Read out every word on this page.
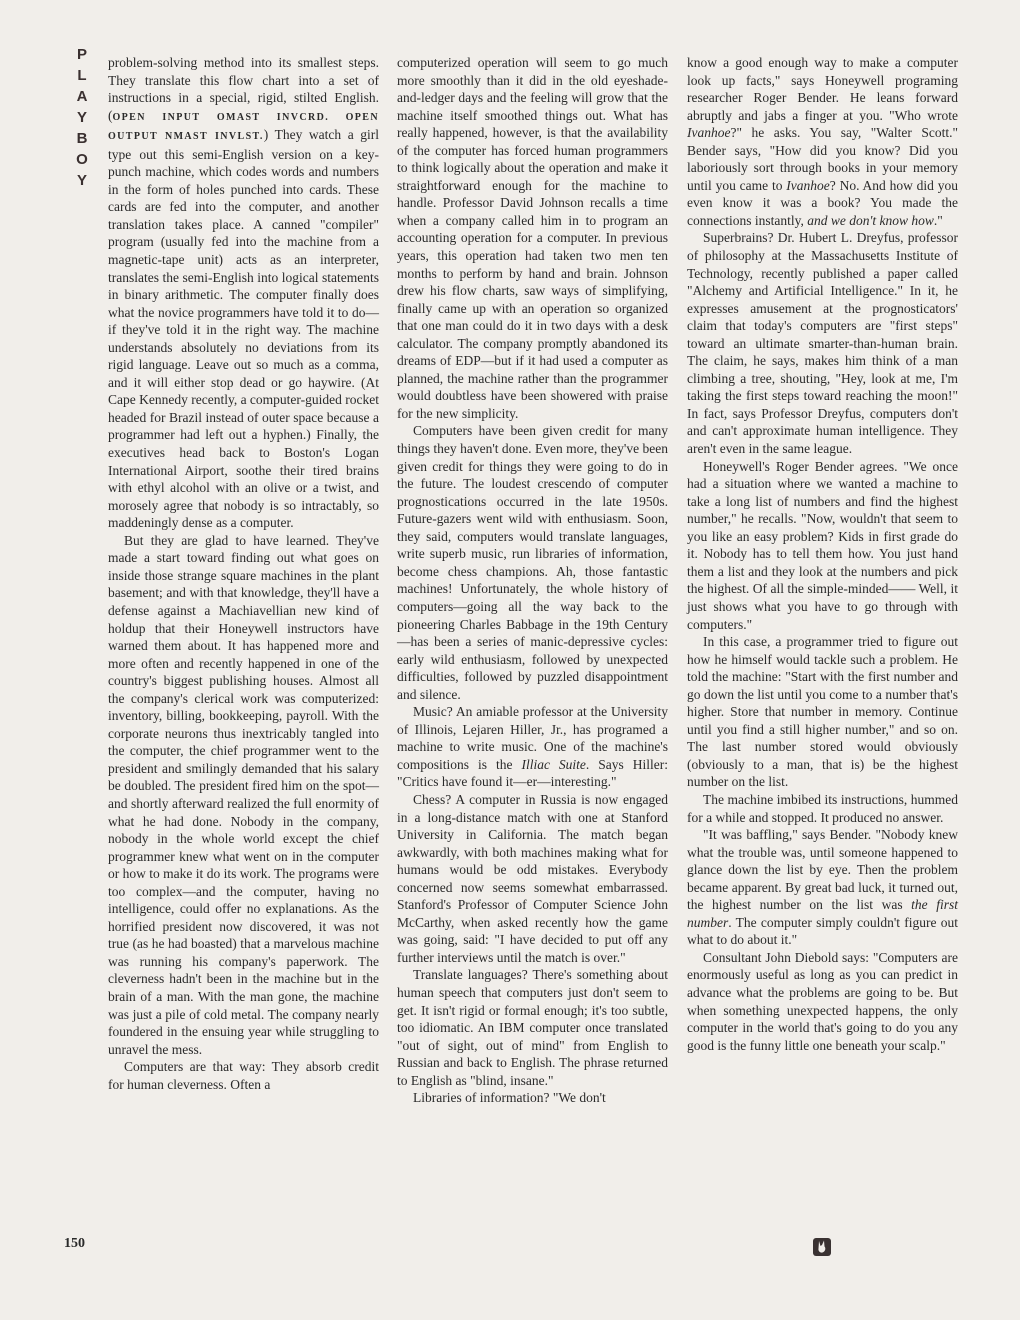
P
L
A
Y
B
O
Y

problem-solving method into its smallest steps. They translate this flow chart into a set of instructions in a special, rigid, stilted English. (OPEN INPUT OMAST INVCRD. OPEN OUTPUT NMAST INVLST.) They watch a girl type out this semi-English version on a key-punch machine, which codes words and numbers in the form of holes punched into cards. These cards are fed into the computer, and another translation takes place. A canned "compiler" program (usually fed into the machine from a magnetic-tape unit) acts as an interpreter, translates the semi-English into logical statements in binary arithmetic. The computer finally does what the novice programmers have told it to do—if they've told it in the right way. The machine understands absolutely no deviations from its rigid language. Leave out so much as a comma, and it will either stop dead or go haywire. (At Cape Kennedy recently, a computer-guided rocket headed for Brazil instead of outer space because a programmer had left out a hyphen.) Finally, the executives head back to Boston's Logan International Airport, soothe their tired brains with ethyl alcohol with an olive or a twist, and morosely agree that nobody is so intractably, so maddeningly dense as a computer.

But they are glad to have learned. They've made a start toward finding out what goes on inside those strange square machines in the plant basement; and with that knowledge, they'll have a defense against a Machiavellian new kind of holdup that their Honeywell instructors have warned them about. It has happened more and more often and recently happened in one of the country's biggest publishing houses. Almost all the company's clerical work was computerized: inventory, billing, bookkeeping, payroll. With the corporate neurons thus inextricably tangled into the computer, the chief programmer went to the president and smilingly demanded that his salary be doubled. The president fired him on the spot—and shortly afterward realized the full enormity of what he had done. Nobody in the company, nobody in the whole world except the chief programmer knew what went on in the computer or how to make it do its work. The programs were too complex—and the computer, having no intelligence, could offer no explanations. As the horrified president now discovered, it was not true (as he had boasted) that a marvelous machine was running his company's paperwork. The cleverness hadn't been in the machine but in the brain of a man. With the man gone, the machine was just a pile of cold metal. The company nearly foundered in the ensuing year while struggling to unravel the mess.

Computers are that way: They absorb credit for human cleverness. Often a

computerized operation will seem to go much more smoothly than it did in the old eyeshade-and-ledger days and the feeling will grow that the machine itself smoothed things out. What has really happened, however, is that the availability of the computer has forced human programmers to think logically about the operation and make it straightforward enough for the machine to handle. Professor David Johnson recalls a time when a company called him in to program an accounting operation for a computer. In previous years, this operation had taken two men ten months to perform by hand and brain. Johnson drew his flow charts, saw ways of simplifying, finally came up with an operation so organized that one man could do it in two days with a desk calculator. The company promptly abandoned its dreams of EDP—but if it had used a computer as planned, the machine rather than the programmer would doubtless have been showered with praise for the new simplicity.

Computers have been given credit for many things they haven't done. Even more, they've been given credit for things they were going to do in the future. The loudest crescendo of computer prognostications occurred in the late 1950s. Future-gazers went wild with enthusiasm. Soon, they said, computers would translate languages, write superb music, run libraries of information, become chess champions. Ah, those fantastic machines! Unfortunately, the whole history of computers—going all the way back to the pioneering Charles Babbage in the 19th Century—has been a series of manic-depressive cycles: early wild enthusiasm, followed by unexpected difficulties, followed by puzzled disappointment and silence.

Music? An amiable professor at the University of Illinois, Lejaren Hiller, Jr., has programed a machine to write music. One of the machine's compositions is the Illiac Suite. Says Hiller: "Critics have found it—er—interesting."

Chess? A computer in Russia is now engaged in a long-distance match with one at Stanford University in California. The match began awkwardly, with both machines making what for humans would be odd mistakes. Everybody concerned now seems somewhat embarrassed. Stanford's Professor of Computer Science John McCarthy, when asked recently how the game was going, said: "I have decided to put off any further interviews until the match is over."

Translate languages? There's something about human speech that computers just don't seem to get. It isn't rigid or formal enough; it's too subtle, too idiomatic. An IBM computer once translated "out of sight, out of mind" from English to Russian and back to English. The phrase returned to English as "blind, insane."

Libraries of information? "We don't

know a good enough way to make a computer look up facts," says Honeywell programing researcher Roger Bender. He leans forward abruptly and jabs a finger at you. "Who wrote Ivanhoe?" he asks. You say, "Walter Scott." Bender says, "How did you know? Did you laboriously sort through books in your memory until you came to Ivanhoe? No. And how did you even know it was a book? You made the connections instantly, and we don't know how."

Superbrains? Dr. Hubert L. Dreyfus, professor of philosophy at the Massachusetts Institute of Technology, recently published a paper called "Alchemy and Artificial Intelligence." In it, he expresses amusement at the prognosticators' claim that today's computers are "first steps" toward an ultimate smarter-than-human brain. The claim, he says, makes him think of a man climbing a tree, shouting, "Hey, look at me, I'm taking the first steps toward reaching the moon!" In fact, says Professor Dreyfus, computers don't and can't approximate human intelligence. They aren't even in the same league.

Honeywell's Roger Bender agrees. "We once had a situation where we wanted a machine to take a long list of numbers and find the highest number," he recalls. "Now, wouldn't that seem to you like an easy problem? Kids in first grade do it. Nobody has to tell them how. You just hand them a list and they look at the numbers and pick the highest. Of all the simple-minded—— Well, it just shows what you have to go through with computers."

In this case, a programmer tried to figure out how he himself would tackle such a problem. He told the machine: "Start with the first number and go down the list until you come to a number that's higher. Store that number in memory. Continue until you find a still higher number," and so on. The last number stored would obviously (obviously to a man, that is) be the highest number on the list.

The machine imbibed its instructions, hummed for a while and stopped. It produced no answer.

"It was baffling," says Bender. "Nobody knew what the trouble was, until someone happened to glance down the list by eye. Then the problem became apparent. By great bad luck, it turned out, the highest number on the list was the first number. The computer simply couldn't figure out what to do about it."

Consultant John Diebold says: "Computers are enormously useful as long as you can predict in advance what the problems are going to be. But when something unexpected happens, the only computer in the world that's going to do you any good is the funny little one beneath your scalp."

150
